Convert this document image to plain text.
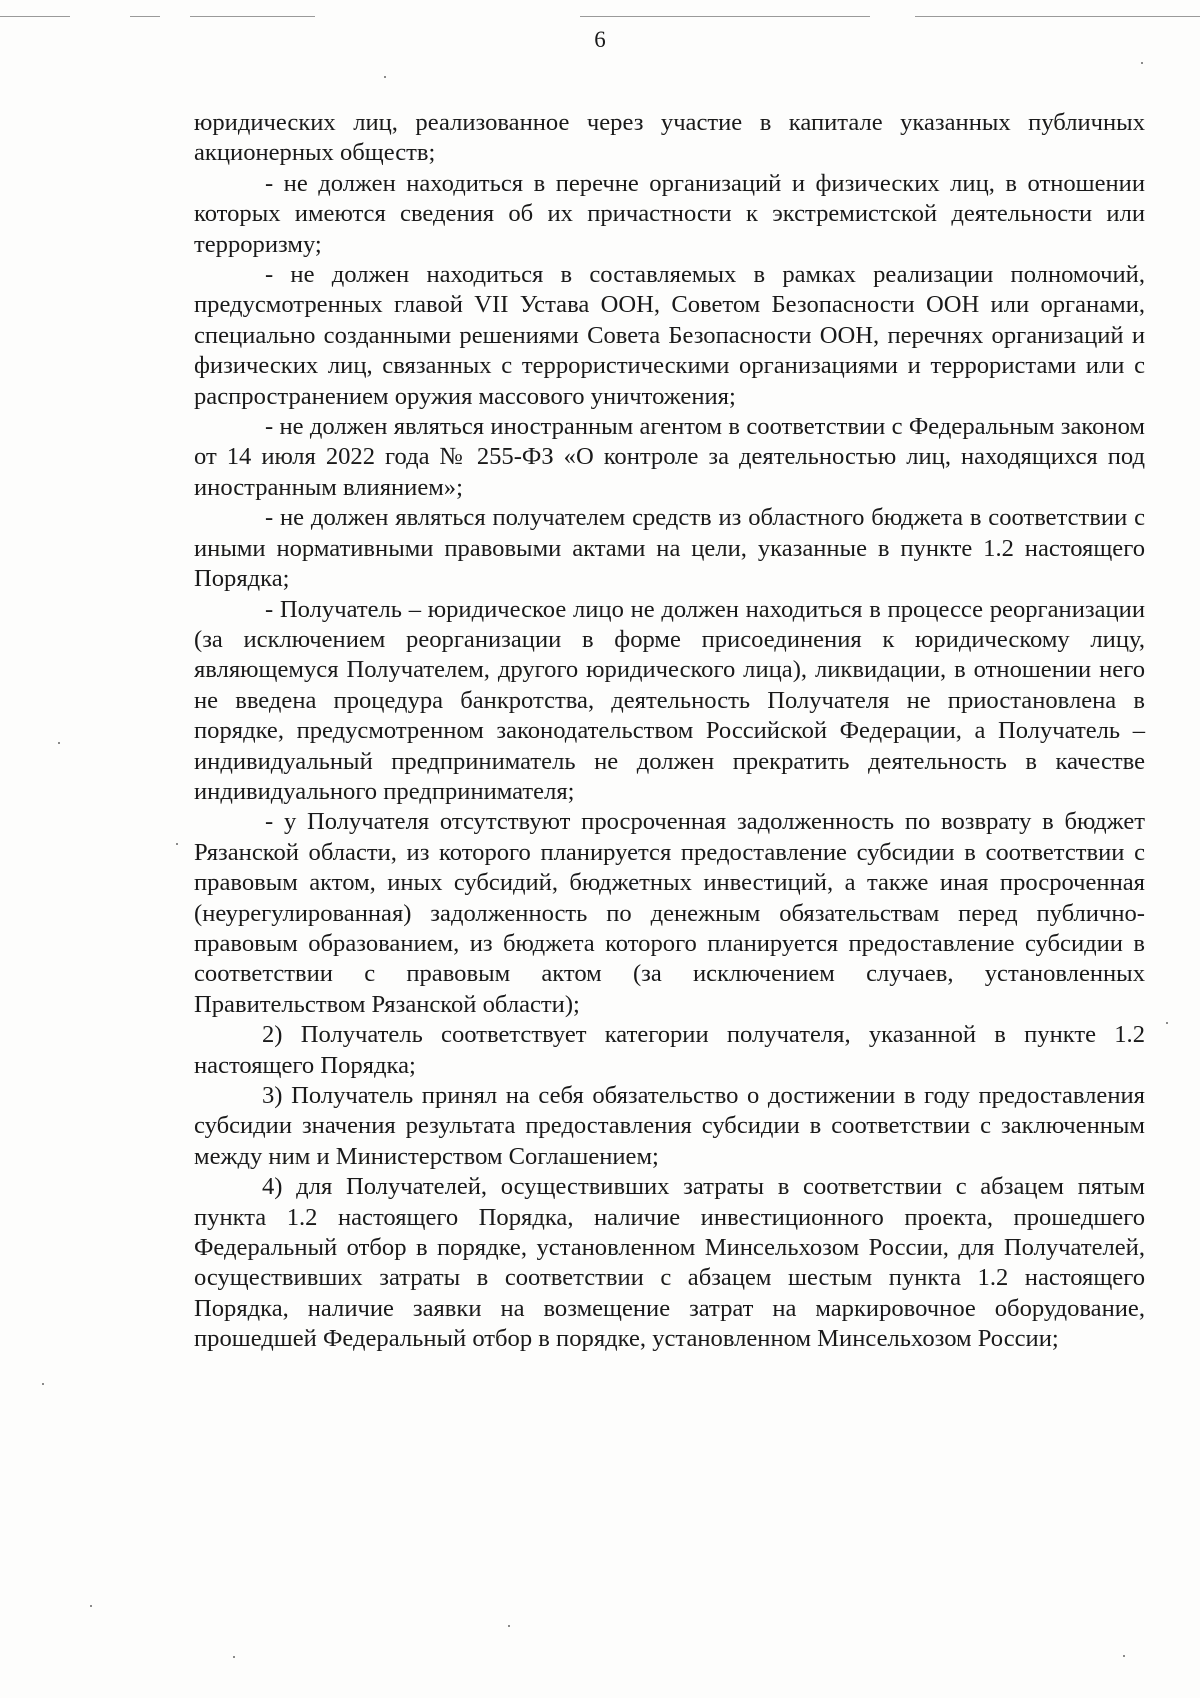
6

юридических лиц, реализованное через участие в капитале указанных публичных акционерных обществ;

- не должен находиться в перечне организаций и физических лиц, в отношении которых имеются сведения об их причастности к экстремистской деятельности или терроризму;

- не должен находиться в составляемых в рамках реализации полномочий, предусмотренных главой VII Устава ООН, Советом Безопасности ООН или органами, специально созданными решениями Совета Безопасности ООН, перечнях организаций и физических лиц, связанных с террористическими организациями и террористами или с распространением оружия массового уничтожения;

- не должен являться иностранным агентом в соответствии с Федеральным законом от 14 июля 2022 года № 255-ФЗ «О контроле за деятельностью лиц, находящихся под иностранным влиянием»;

- не должен являться получателем средств из областного бюджета в соответствии с иными нормативными правовыми актами на цели, указанные в пункте 1.2 настоящего Порядка;

- Получатель – юридическое лицо не должен находиться в процессе реорганизации (за исключением реорганизации в форме присоединения к юридическому лицу, являющемуся Получателем, другого юридического лица), ликвидации, в отношении него не введена процедура банкротства, деятельность Получателя не приостановлена в порядке, предусмотренном законодательством Российской Федерации, а Получатель – индивидуальный предприниматель не должен прекратить деятельность в качестве индивидуального предпринимателя;

- у Получателя отсутствуют просроченная задолженность по возврату в бюджет Рязанской области, из которого планируется предоставление субсидии в соответствии с правовым актом, иных субсидий, бюджетных инвестиций, а также иная просроченная (неурегулированная) задолженность по денежным обязательствам перед публично-правовым образованием, из бюджета которого планируется предоставление субсидии в соответствии с правовым актом (за исключением случаев, установленных Правительством Рязанской области);

2) Получатель соответствует категории получателя, указанной в пункте 1.2 настоящего Порядка;

3) Получатель принял на себя обязательство о достижении в году предоставления субсидии значения результата предоставления субсидии в соответствии с заключенным между ним и Министерством Соглашением;

4) для Получателей, осуществивших затраты в соответствии с абзацем пятым пункта 1.2 настоящего Порядка, наличие инвестиционного проекта, прошедшего Федеральный отбор в порядке, установленном Минсельхозом России, для Получателей, осуществивших затраты в соответствии с абзацем шестым пункта 1.2 настоящего Порядка, наличие заявки на возмещение затрат на маркировочное оборудование, прошедшей Федеральный отбор в порядке, установленном Минсельхозом России;
